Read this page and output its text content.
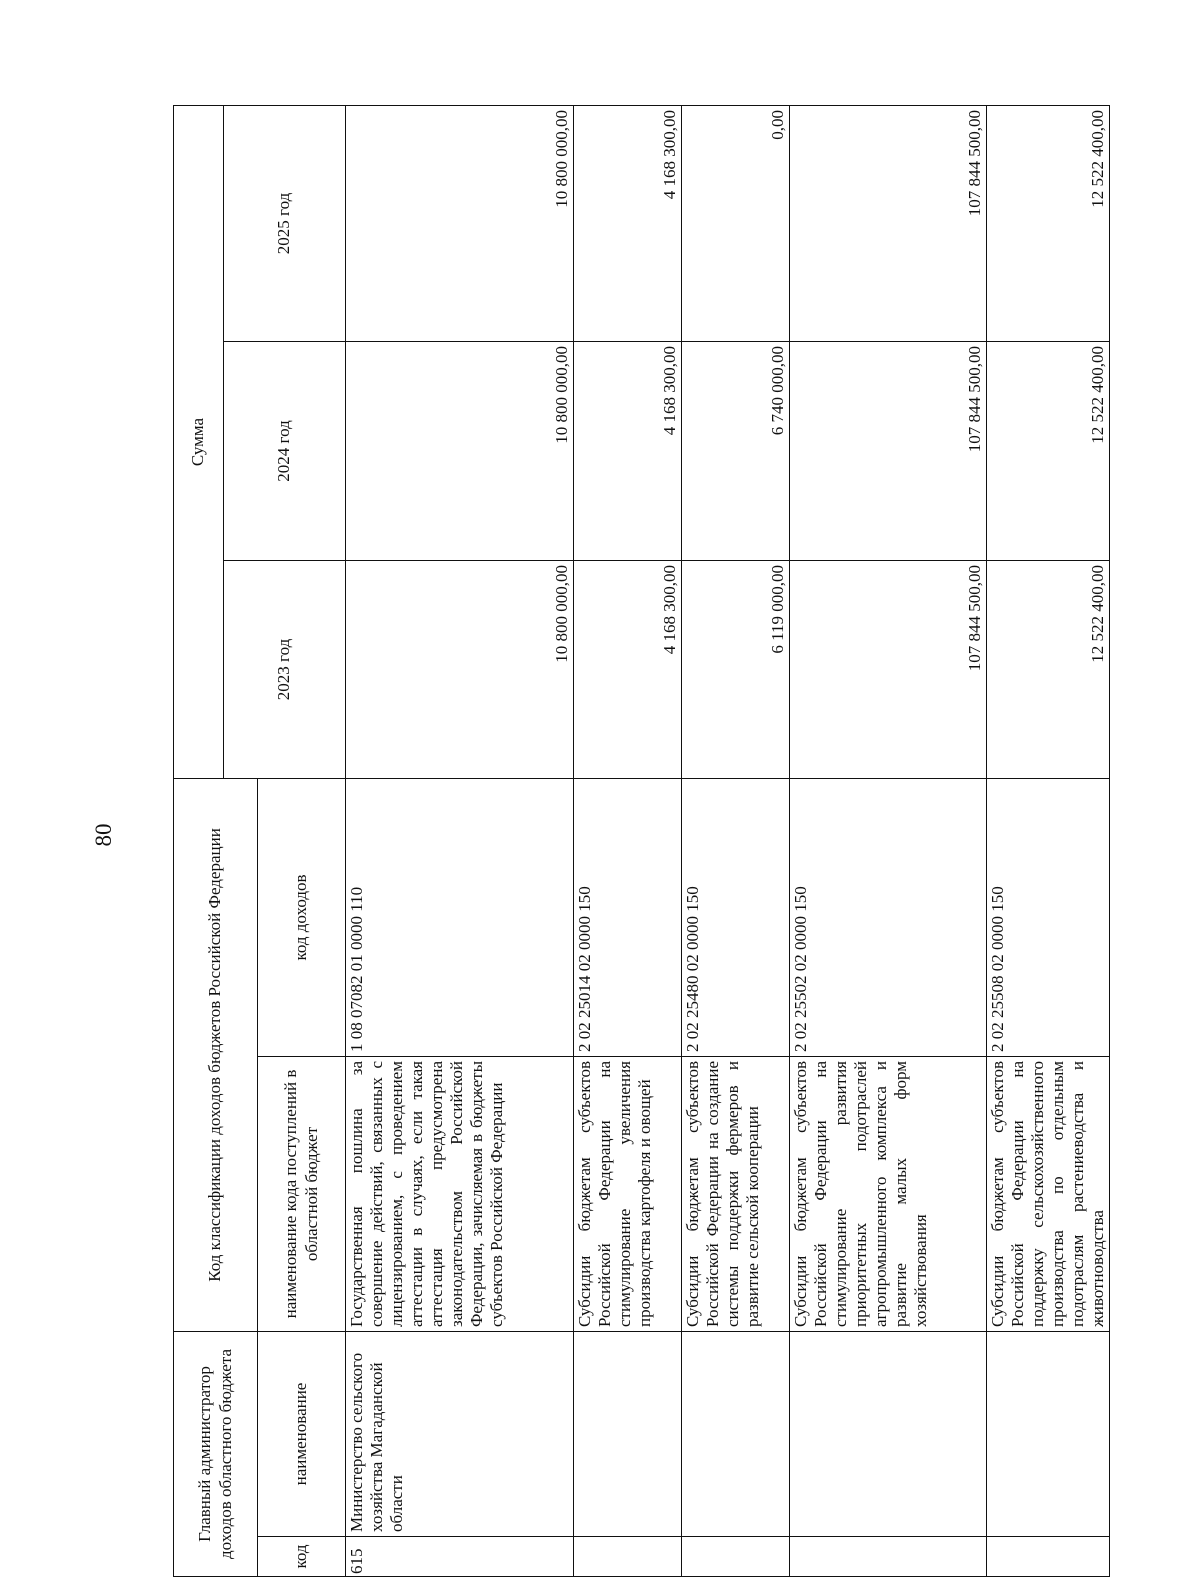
80
Главный администратор доходов областного бюджета		Код классификации доходов бюджетов Российской Федерации		Сумма		
				2023 год	2024 год	2025 год
код	наименование	наименование кода поступлений в областной бюджет	код доходов			
615	Министерство сельского хозяйства Магаданской области	Государственная пошлина за совершение действий, связанных с лицензированием, с проведением аттестации в случаях, если такая аттестация предусмотрена законодательством Российской Федерации, зачисляемая в бюджеты субъектов Российской Федерации	1 08 07082 01 0000 110	10 800 000,00	10 800 000,00	10 800 000,00
		Субсидии бюджетам субъектов Российской Федерации на стимулирование увеличения производства картофеля и овощей	2 02 25014 02 0000 150	4 168 300,00	4 168 300,00	4 168 300,00
		Субсидии бюджетам субъектов Российской Федерации на создание системы поддержки фермеров и развитие сельской кооперации	2 02 25480 02 0000 150	6 119 000,00	6 740 000,00	0,00
		Субсидии бюджетам субъектов Российской Федерации на стимулирование развития приоритетных подотраслей агропромышленного комплекса и развитие малых форм хозяйствования	2 02 25502 02 0000 150	107 844 500,00	107 844 500,00	107 844 500,00
		Субсидии бюджетам субъектов Российской Федерации на поддержку сельскохозяйственного производства по отдельным подотраслям растениеводства и животноводства	2 02 25508 02 0000 150	12 522 400,00	12 522 400,00	12 522 400,00
